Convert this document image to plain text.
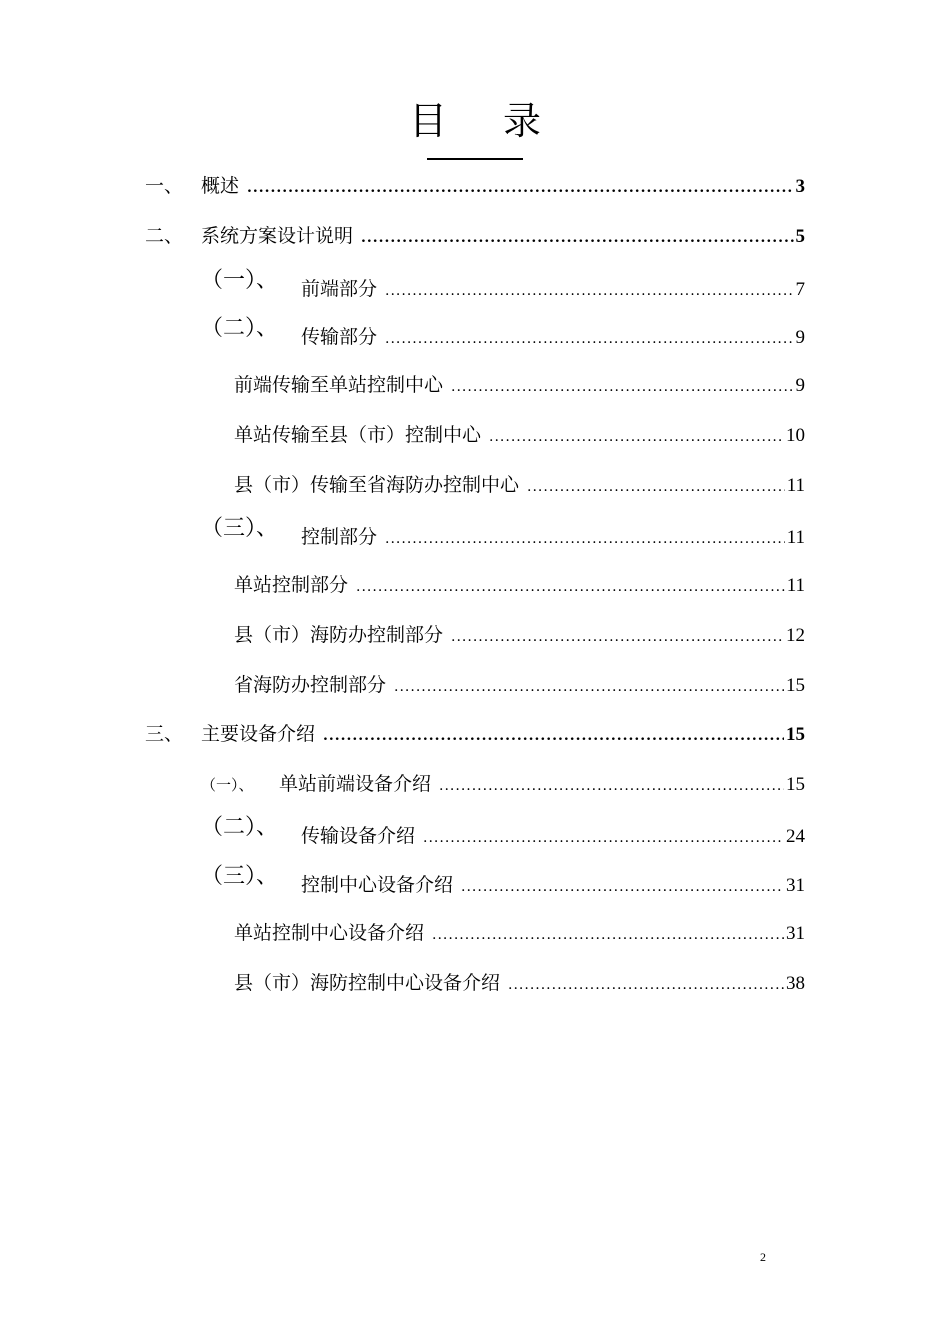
目 录
一、 概述 .....	3
二、 系统方案设计说明 .....	5
（一）、	前端部分 .....	7
（二）、	传输部分 .....	9
前端传输至单站控制中心 .....	9
单站传输至县（市）控制中心 .....	10
县（市）传输至省海防办控制中心 .....	11
（三）、	控制部分 .....	11
单站控制部分 .....	11
县（市）海防办控制部分 .....	12
省海防办控制部分 .....	15
三、 主要设备介绍 .....	15
（一）、	单站前端设备介绍 .....	15
（二）、	传输设备介绍 .....	24
（三）、	控制中心设备介绍 .....	31
单站控制中心设备介绍 .....	31
县（市）海防控制中心设备介绍 .....	38
2
